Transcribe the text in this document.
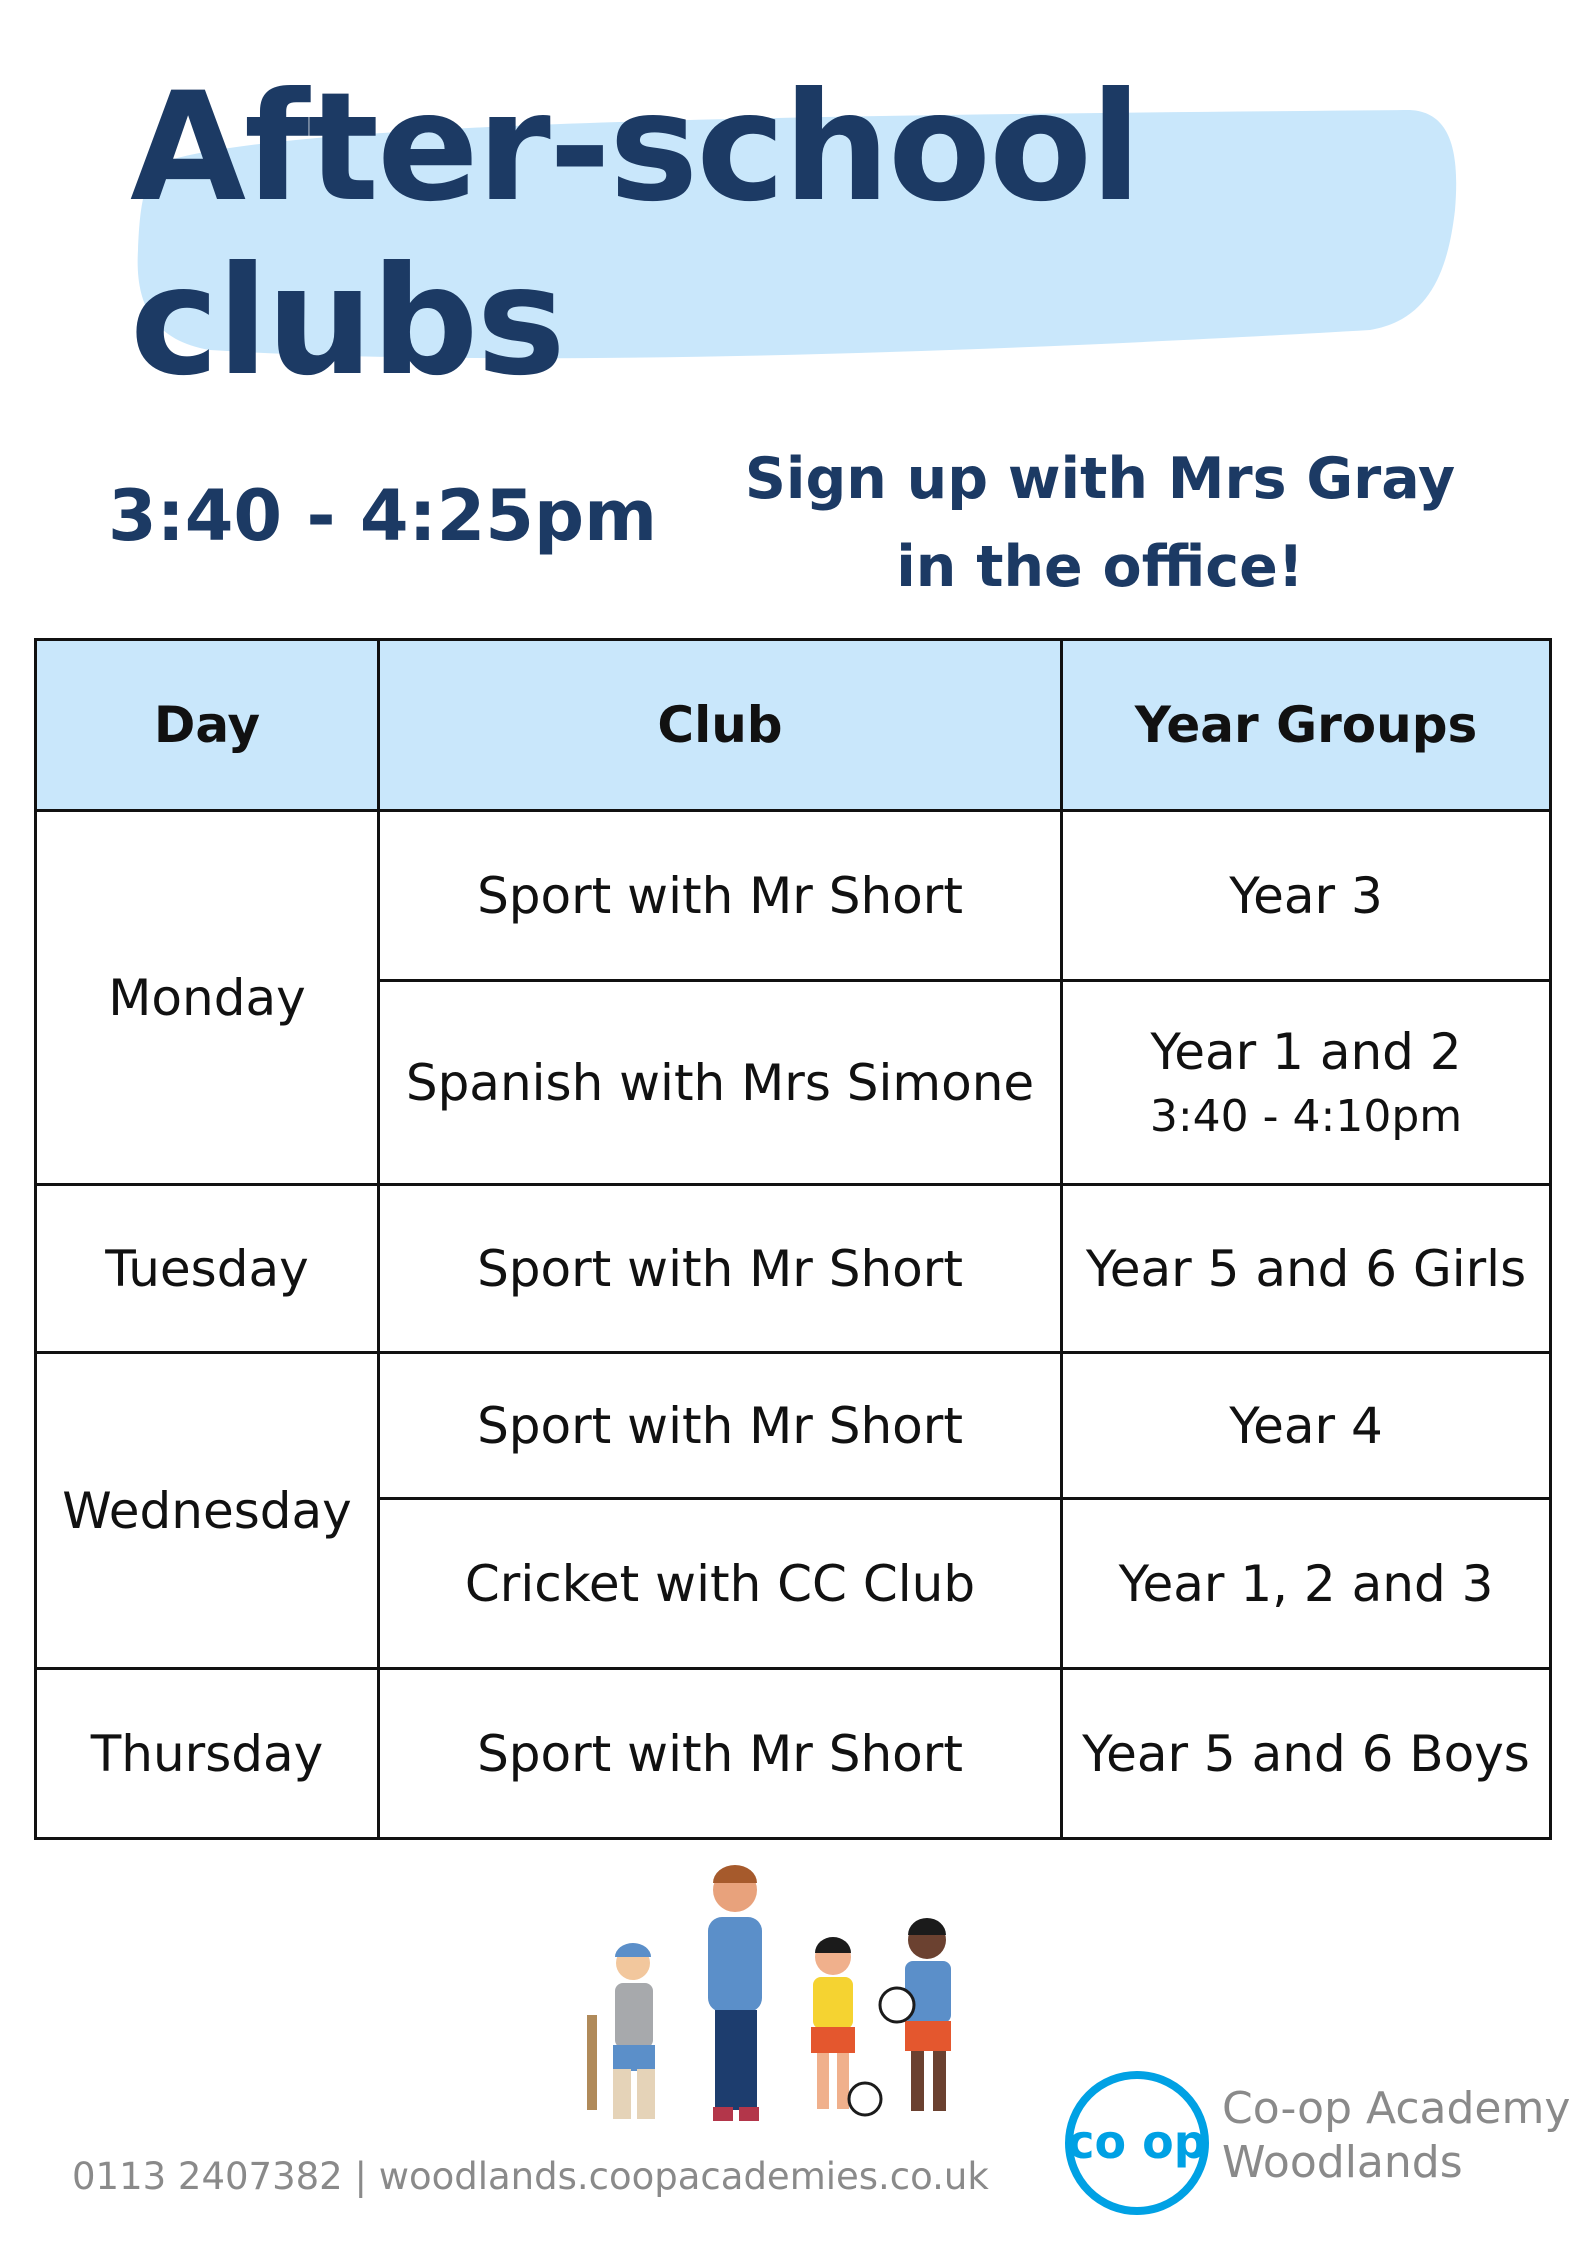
After-school clubs
3:40 - 4:25pm	Sign up with Mrs Gray in the office!
Day	Club	Year Groups
Monday	Sport with Mr Short	Year 3
	Spanish with Mrs Simone	Year 1 and 2
3:40 - 4:10pm

Tuesday	Sport with Mr Short	Year 5 and 6 Girls
Wednesday	Sport with Mr Short	Year 4
	Cricket with CC Club	Year 1, 2 and 3
Thursday	Sport with Mr Short	Year 5 and 6 Boys
0113 2407382 | woodlands.coopacademies.co.uk
co op
Co-op Academy
Woodlands
